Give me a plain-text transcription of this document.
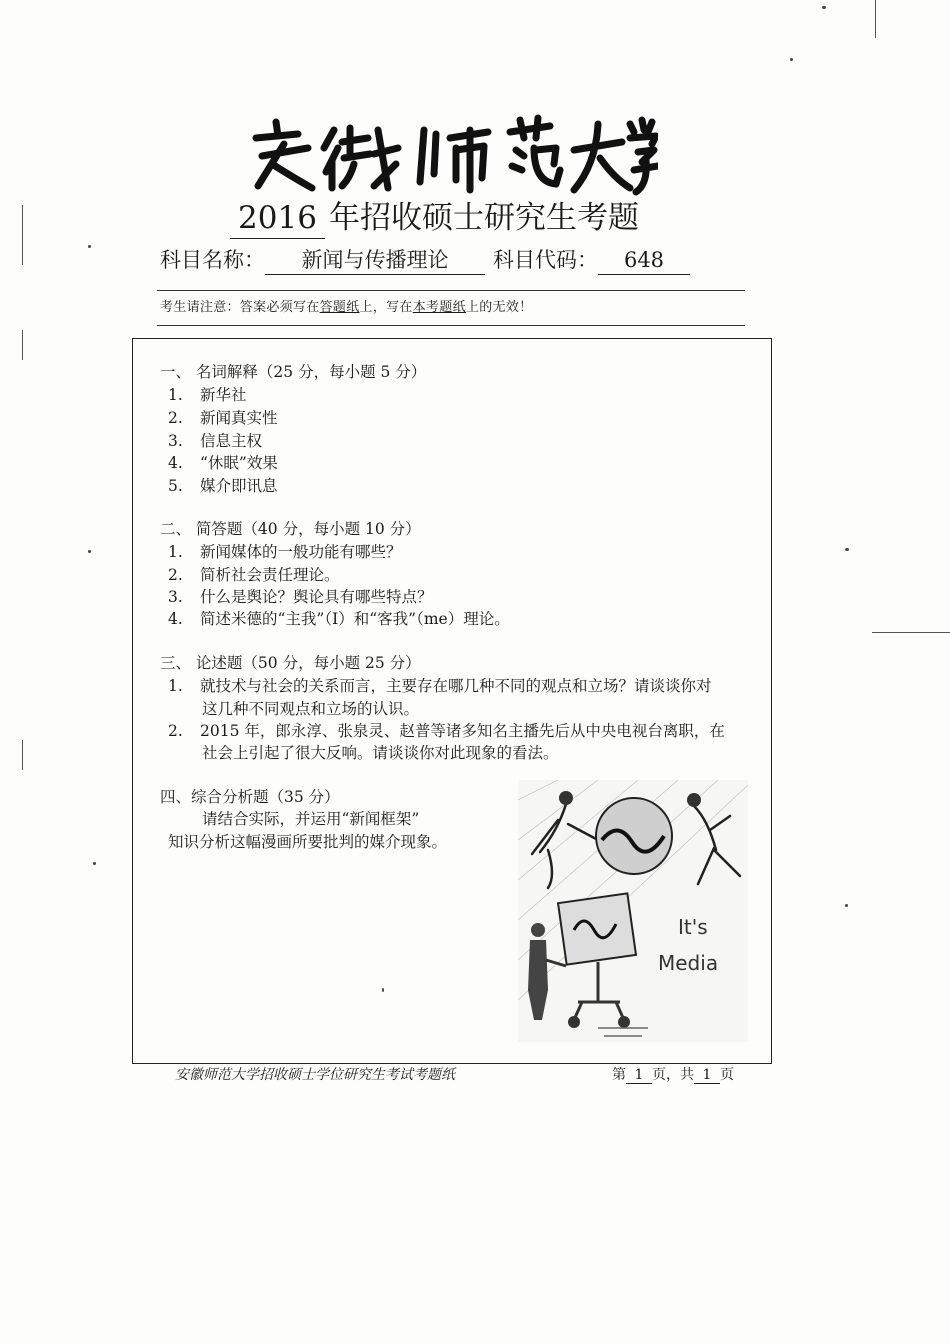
2016 年招收硕士研究生考题
科目名称： 新闻与传播理论 科目代码： 648
考生请注意：答案必须写在答题纸上，写在本考题纸上的无效！
一、 名词解释（25 分，每小题 5 分）
1. 新华社
2. 新闻真实性
3. 信息主权
4. “休眠”效果
5. 媒介即讯息
二、 简答题（40 分，每小题 10 分）
1. 新闻媒体的一般功能有哪些？
2. 简析社会责任理论。
3. 什么是舆论？舆论具有哪些特点？
4. 简述米德的“主我”（I）和“客我”（me）理论。
三、 论述题（50 分，每小题 25 分）
1. 就技术与社会的关系而言，主要存在哪几种不同的观点和立场？请谈谈你对
这几种不同观点和立场的认识。
2. 2015 年，郎永淳、张泉灵、赵普等诸多知名主播先后从中央电视台离职，在
社会上引起了很大反响。请谈谈你对此现象的看法。
四、综合分析题（35 分）
请结合实际，并运用“新闻框架”
知识分析这幅漫画所要批判的媒介现象。
It's
Media
安徽师范大学招收硕士学位研究生考试考题纸	第 1 页，共 1 页
